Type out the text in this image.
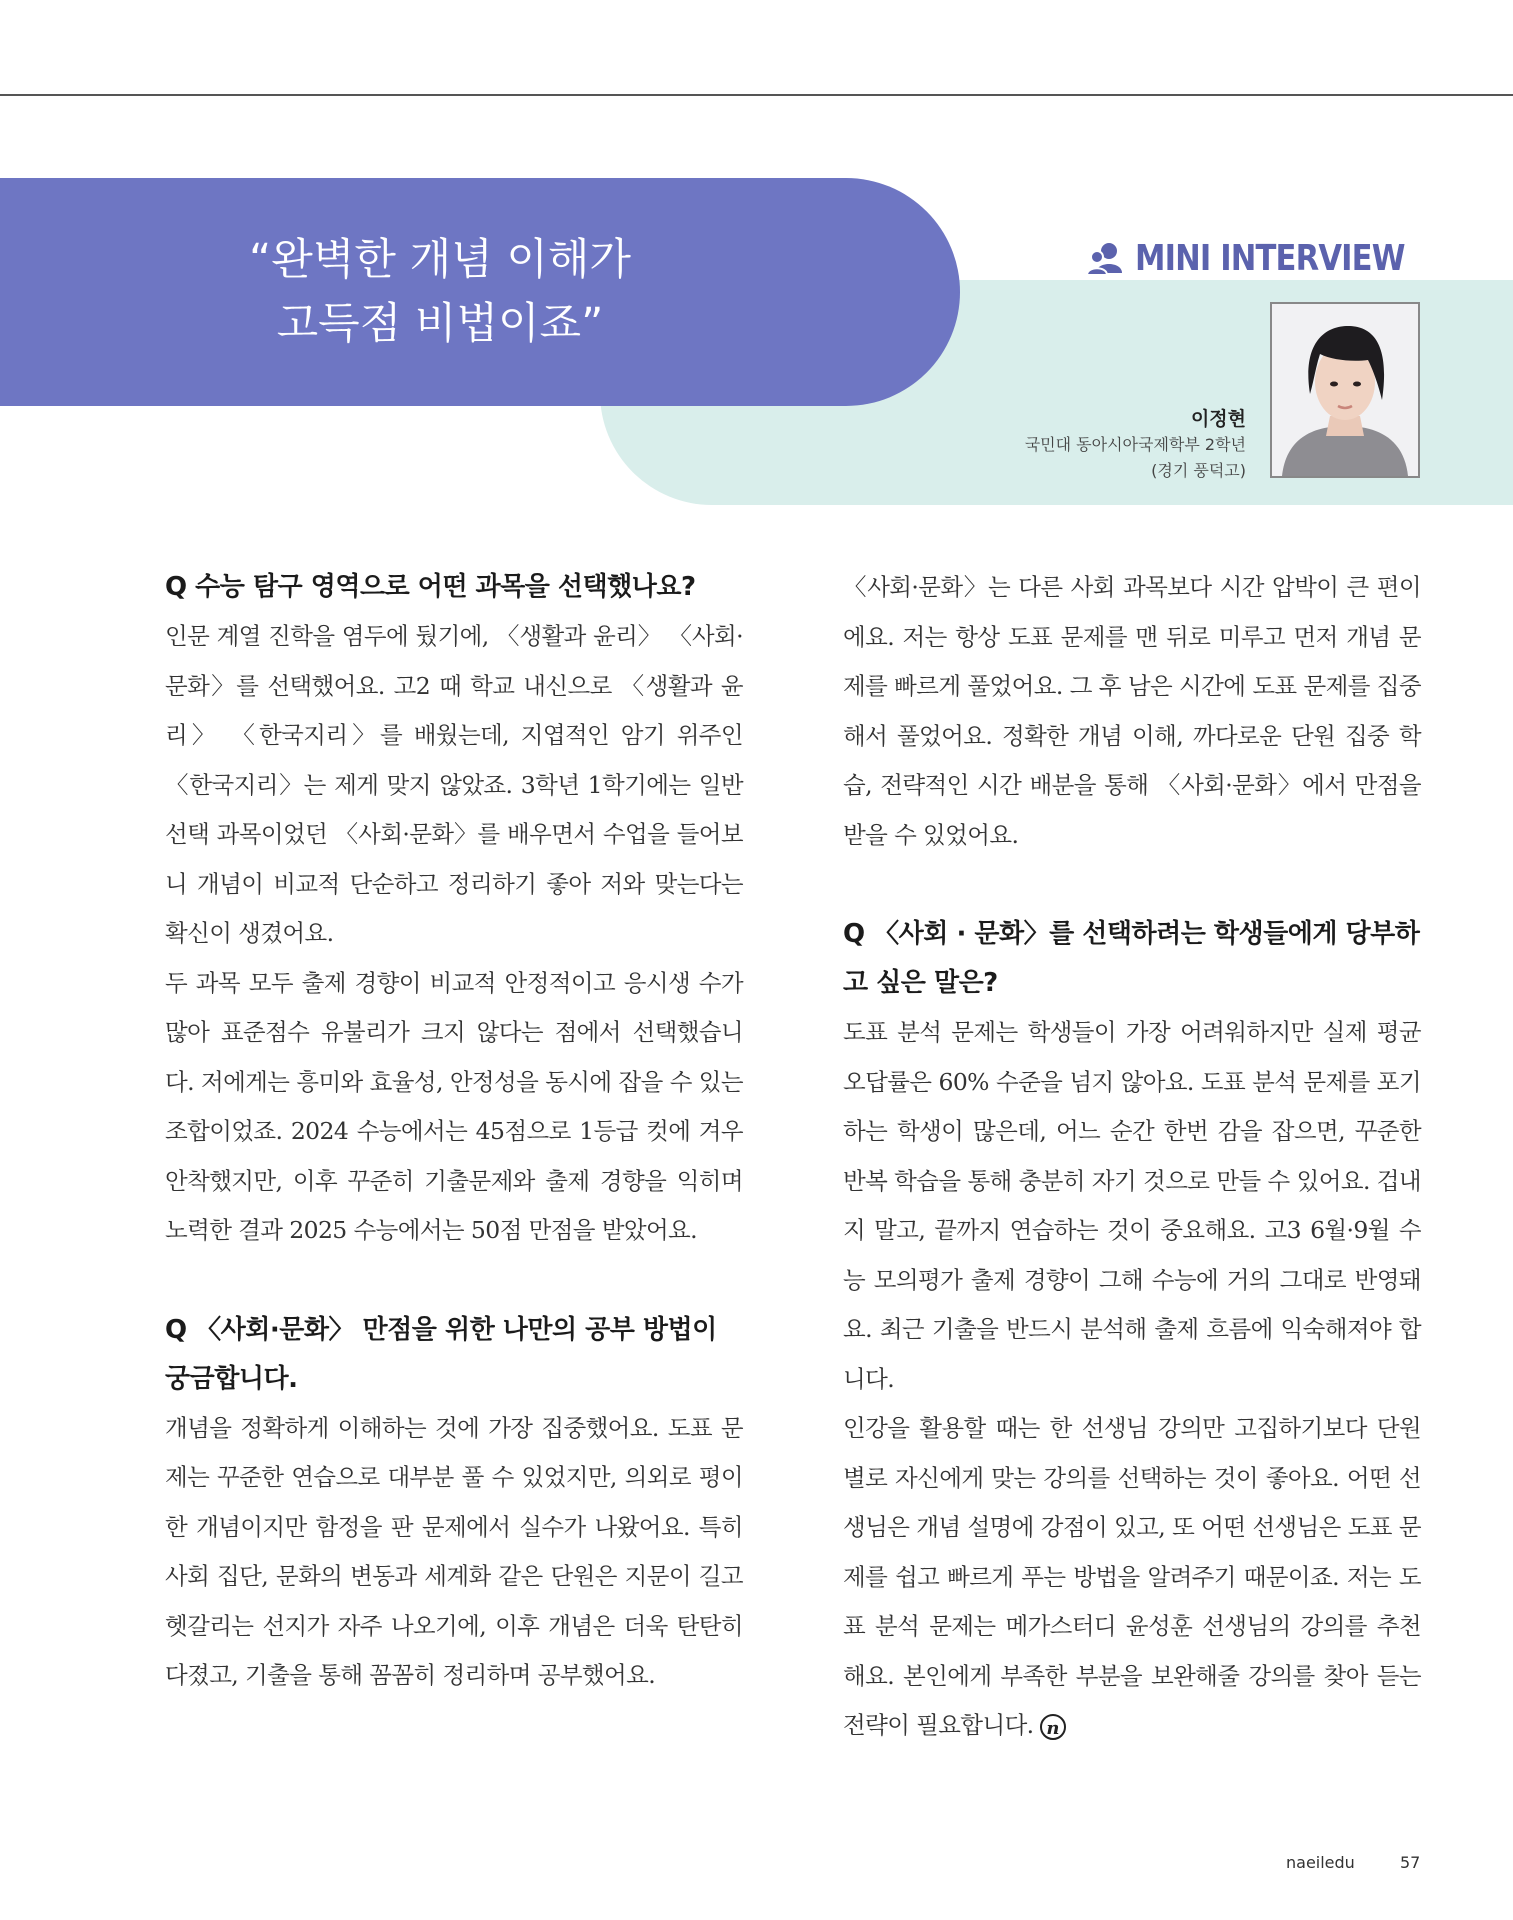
“완벽한 개념 이해가
고득점 비법이죠”
MINI INTERVIEW
이정현
국민대 동아시아국제학부 2학년
(경기 풍덕고)

Q 수능 탐구 영역으로 어떤 과목을 선택했나요?

인문 계열 진학을 염두에 뒀기에, 〈생활과 윤리〉 〈사회·문화〉를 선택했어요. 고2 때 학교 내신으로 〈생활과 윤리〉 〈한국지리〉를 배웠는데, 지엽적인 암기 위주인 〈한국지리〉는 제게 맞지 않았죠. 3학년 1학기에는 일반선택 과목이었던 〈사회·문화〉를 배우면서 수업을 들어보니 개념이 비교적 단순하고 정리하기 좋아 저와 맞는다는 확신이 생겼어요.

두 과목 모두 출제 경향이 비교적 안정적이고 응시생 수가 많아 표준점수 유불리가 크지 않다는 점에서 선택했습니다. 저에게는 흥미와 효율성, 안정성을 동시에 잡을 수 있는 조합이었죠. 2024 수능에서는 45점으로 1등급 컷에 겨우 안착했지만, 이후 꾸준히 기출문제와 출제 경향을 익히며 노력한 결과 2025 수능에서는 50점 만점을 받았어요.

Q 〈사회·문화〉 만점을 위한 나만의 공부 방법이 궁금합니다.

개념을 정확하게 이해하는 것에 가장 집중했어요. 도표 문제는 꾸준한 연습으로 대부분 풀 수 있었지만, 의외로 평이한 개념이지만 함정을 판 문제에서 실수가 나왔어요. 특히 사회 집단, 문화의 변동과 세계화 같은 단원은 지문이 길고 헷갈리는 선지가 자주 나오기에, 이후 개념은 더욱 탄탄히 다졌고, 기출을 통해 꼼꼼히 정리하며 공부했어요.

〈사회·문화〉는 다른 사회 과목보다 시간 압박이 큰 편이에요. 저는 항상 도표 문제를 맨 뒤로 미루고 먼저 개념 문제를 빠르게 풀었어요. 그 후 남은 시간에 도표 문제를 집중해서 풀었어요. 정확한 개념 이해, 까다로운 단원 집중 학습, 전략적인 시간 배분을 통해 〈사회·문화〉에서 만점을 받을 수 있었어요.

Q 〈사회 · 문화〉를 선택하려는 학생들에게 당부하고 싶은 말은?

도표 분석 문제는 학생들이 가장 어려워하지만 실제 평균 오답률은 60% 수준을 넘지 않아요. 도표 분석 문제를 포기하는 학생이 많은데, 어느 순간 한번 감을 잡으면, 꾸준한 반복 학습을 통해 충분히 자기 것으로 만들 수 있어요. 겁내지 말고, 끝까지 연습하는 것이 중요해요. 고3 6월·9월 수능 모의평가 출제 경향이 그해 수능에 거의 그대로 반영돼요. 최근 기출을 반드시 분석해 출제 흐름에 익숙해져야 합니다.

인강을 활용할 때는 한 선생님 강의만 고집하기보다 단원별로 자신에게 맞는 강의를 선택하는 것이 좋아요. 어떤 선생님은 개념 설명에 강점이 있고, 또 어떤 선생님은 도표 문제를 쉽고 빠르게 푸는 방법을 알려주기 때문이죠. 저는 도표 분석 문제는 메가스터디 윤성훈 선생님의 강의를 추천해요. 본인에게 부족한 부분을 보완해줄 강의를 찾아 듣는 전략이 필요합니다. n

naeiledu	57
